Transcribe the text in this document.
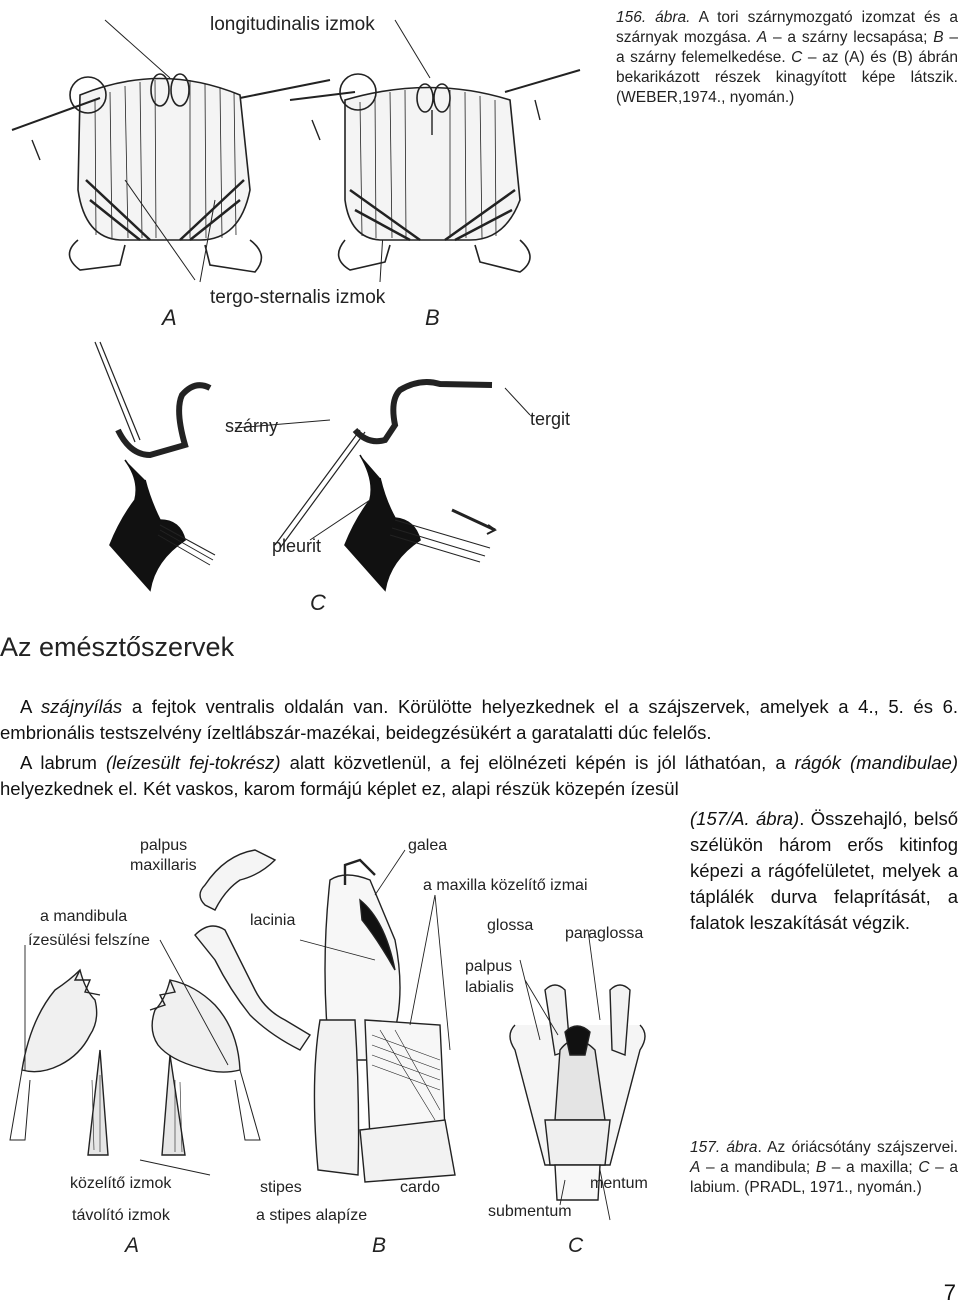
longitudinalis izmok
tergo-sternalis izmok
A	B
szárny	tergit
pleurit
C
156. ábra. A tori szárnymozgató izomzat és a szárnyak mozgása. A – a szárny lecsapása; B – a szárny felemelkedése. C – az (A) és (B) ábrán bekarikázott részek kinagyított képe látszik. (WEBER,1974., nyomán.)
Az emésztőszervek
A szájnyílás a fejtok ventralis oldalán van. Körülötte helyezkednek el a szájszervek, amelyek a 4., 5. és 6. embrionális testszelvény ízeltlábszár-mazékai, beidegzésükért a garatalatti dúc felelős.
A labrum (leízesült fej-tokrész) alatt közvetlenül, a fej elölnézeti képén is jól láthatóan, a rágók (mandibulae) helyezkednek el. Két vaskos, karom formájú képlet ez, alapi részük közepén ízesül
(157/A. ábra). Összehajló, belső szélükön három erős kitinfog képezi a rágófelületet, melyek a táplálék durva felaprítását, a falatok leszakítását végzik.
palpus
maxillaris
galea
a maxilla közelítő izmai
a mandibula
ízesülési felszíne
lacinia	glossa paraglossa
palpus
labialis
közelítő izmok
távolító izmok
stipes
a stipes alapíze
cardo	mentum
submentum
A	B	C
157. ábra. Az óriácsótány szájszervei. A – a mandibula; B – a maxilla; C – a labium. (PRADL, 1971., nyomán.)
7
